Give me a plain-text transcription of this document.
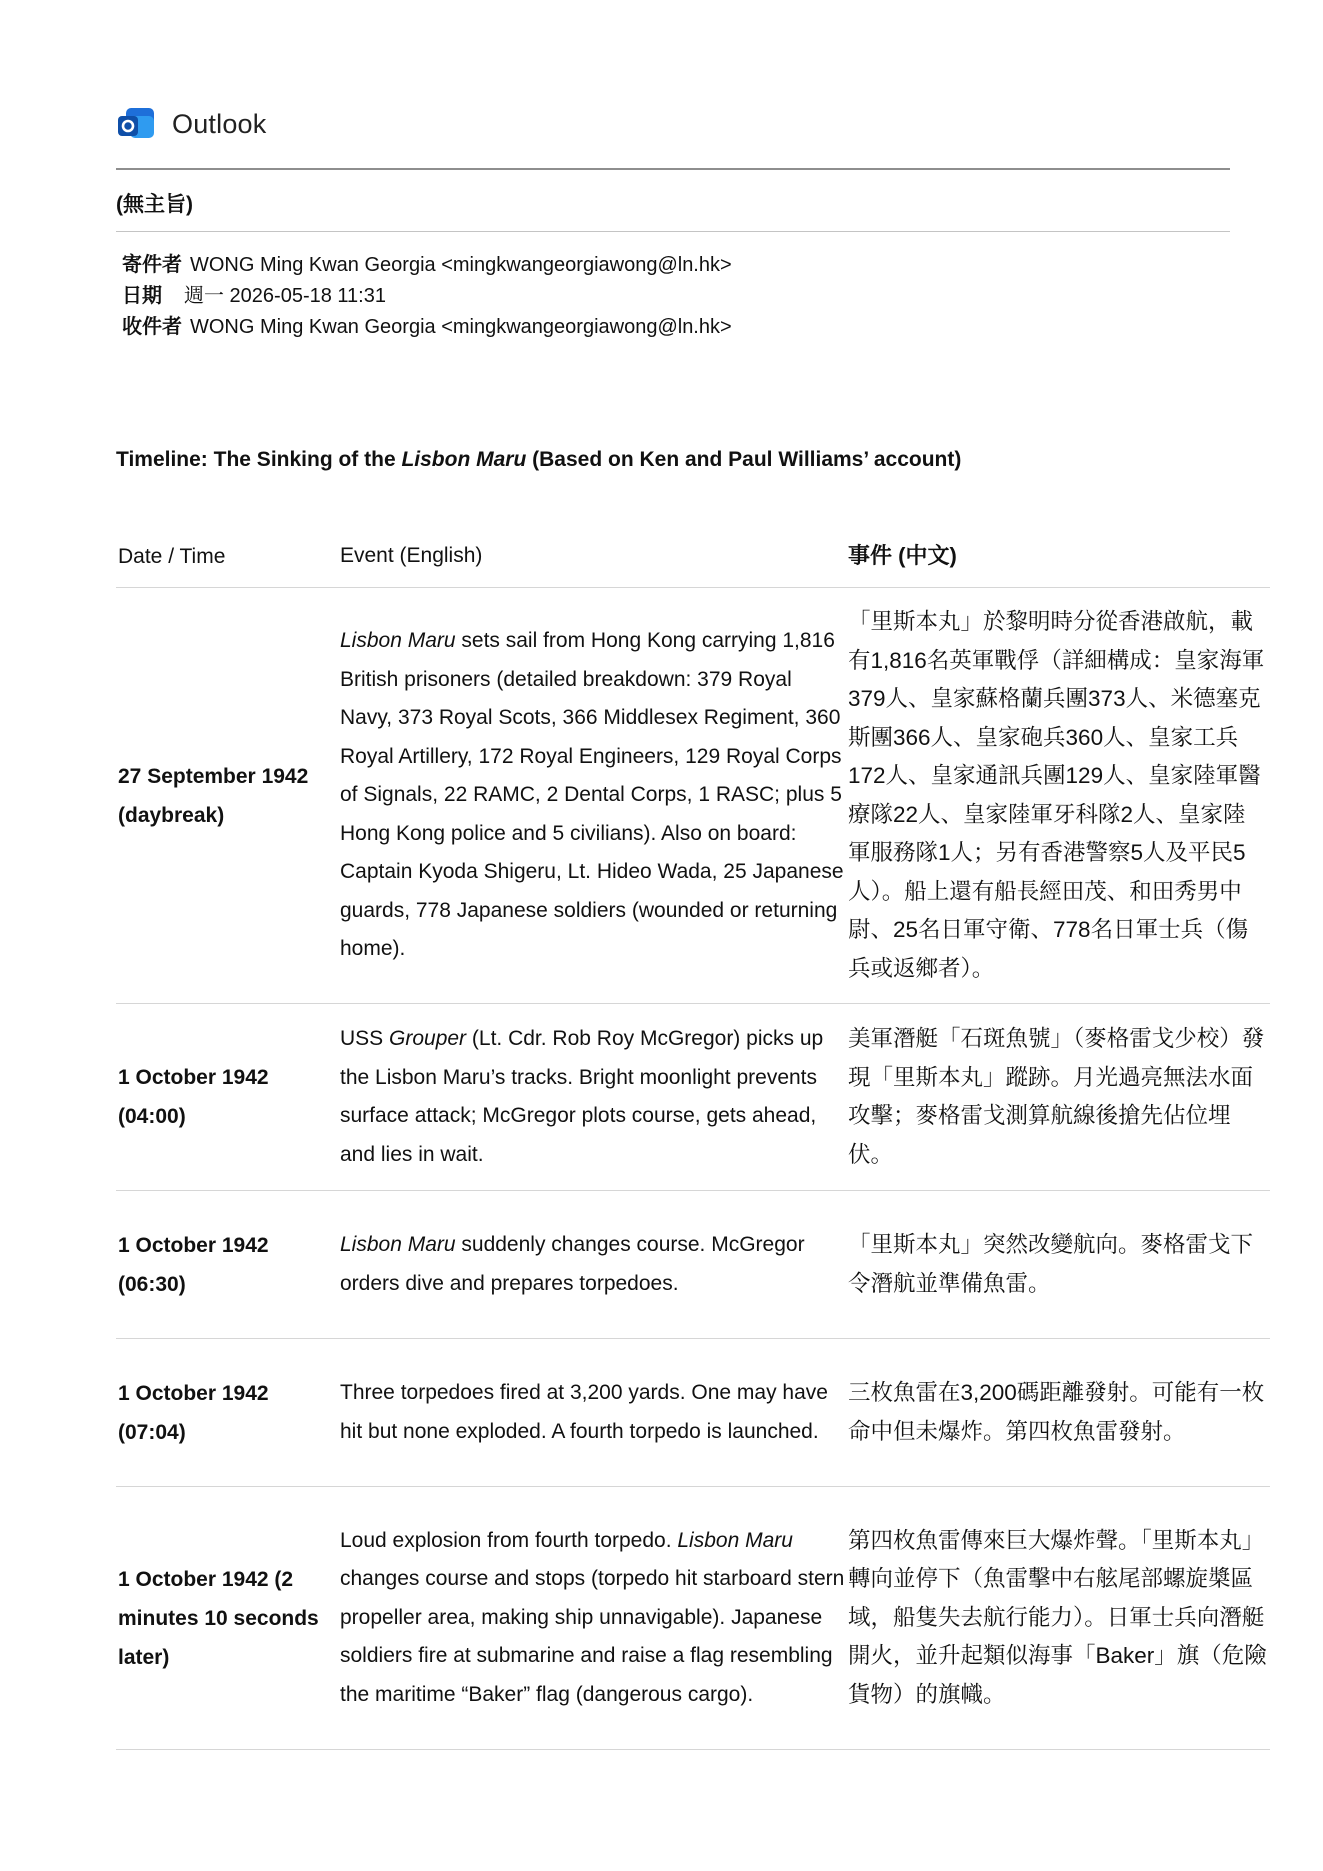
Outlook
(無主旨)
寄件者 WONG Ming Kwan Georgia <mingkwangeorgiawong@ln.hk>
日期 週一 2026-05-18 11:31
收件者 WONG Ming Kwan Georgia <mingkwangeorgiawong@ln.hk>
Timeline: The Sinking of the Lisbon Maru (Based on Ken and Paul Williams’ account)
Date / Time	Event (English)	事件 (中文)
27 September 1942 (daybreak)
Lisbon Maru sets sail from Hong Kong carrying 1,816 British prisoners (detailed breakdown: 379 Royal Navy, 373 Royal Scots, 366 Middlesex Regiment, 360 Royal Artillery, 172 Royal Engineers, 129 Royal Corps of Signals, 22 RAMC, 2 Dental Corps, 1 RASC; plus 5 Hong Kong police and 5 civilians). Also on board: Captain Kyoda Shigeru, Lt. Hideo Wada, 25 Japanese guards, 778 Japanese soldiers (wounded or returning home).
「里斯本丸」於黎明時分從香港啟航，載有1,816名英軍戰俘（詳細構成：皇家海軍379人、皇家蘇格蘭兵團373人、米德塞克斯團366人、皇家砲兵360人、皇家工兵172人、皇家通訊兵團129人、皇家陸軍醫療隊22人、皇家陸軍牙科隊2人、皇家陸軍服務隊1人；另有香港警察5人及平民5人）。船上還有船長經田茂、和田秀男中尉、25名日軍守衛、778名日軍士兵（傷兵或返鄉者）。
1 October 1942 (04:00)
USS Grouper (Lt. Cdr. Rob Roy McGregor) picks up the Lisbon Maru’s tracks. Bright moonlight prevents surface attack; McGregor plots course, gets ahead, and lies in wait.
美軍潛艇「石斑魚號」（麥格雷戈少校）發現「里斯本丸」蹤跡。月光過亮無法水面攻擊；麥格雷戈測算航線後搶先佔位埋伏。
1 October 1942 (06:30)
Lisbon Maru suddenly changes course. McGregor orders dive and prepares torpedoes.
「里斯本丸」突然改變航向。麥格雷戈下令潛航並準備魚雷。
1 October 1942 (07:04)
Three torpedoes fired at 3,200 yards. One may have hit but none exploded. A fourth torpedo is launched.
三枚魚雷在3,200碼距離發射。可能有一枚命中但未爆炸。第四枚魚雷發射。
1 October 1942 (2 minutes 10 seconds later)
Loud explosion from fourth torpedo. Lisbon Maru changes course and stops (torpedo hit starboard stern propeller area, making ship unnavigable). Japanese soldiers fire at submarine and raise a flag resembling the maritime “Baker” flag (dangerous cargo).
第四枚魚雷傳來巨大爆炸聲。「里斯本丸」轉向並停下（魚雷擊中右舷尾部螺旋槳區域，船隻失去航行能力）。日軍士兵向潛艇開火，並升起類似海事「Baker」旗（危險貨物）的旗幟。
